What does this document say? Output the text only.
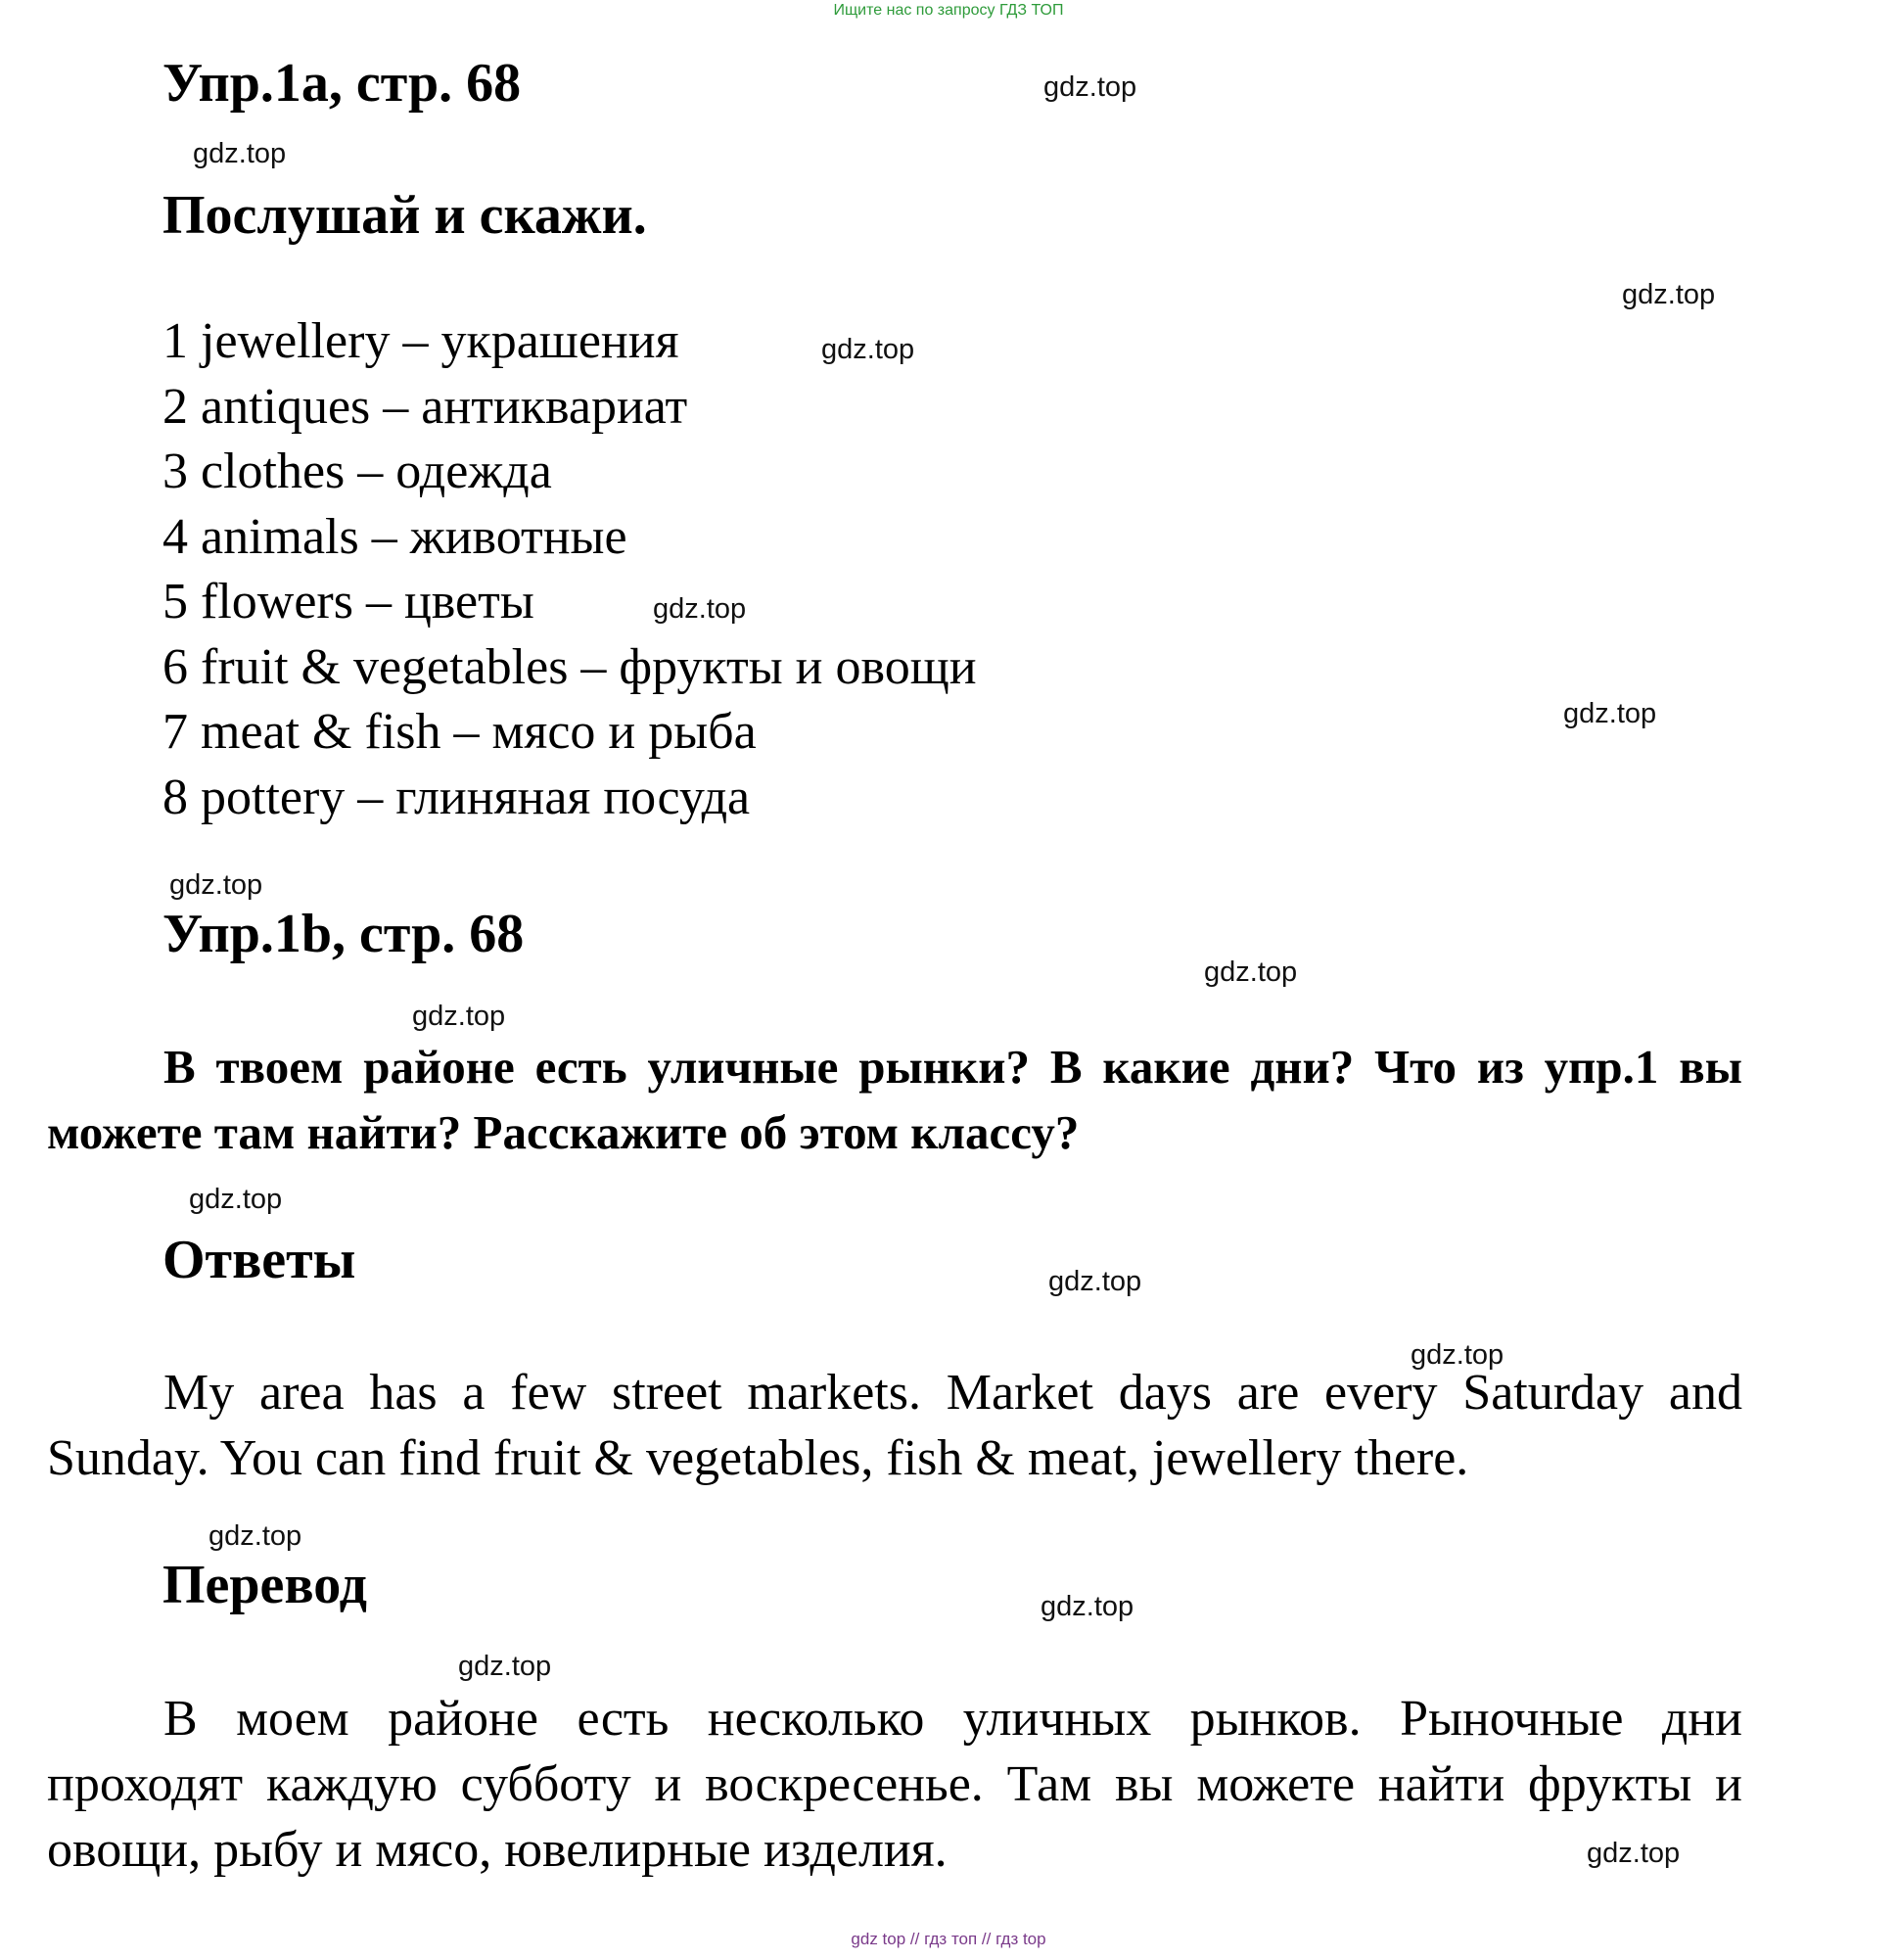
Ищите нас по запросу ГДЗ ТОП
Упр.1a, стр. 68
Послушай и скажи.
1 jewellery – украшения
2 antiques – антиквариат
3 clothes – одежда
4 animals – животные
5 flowers – цветы
6 fruit & vegetables – фрукты и овощи
7 meat & fish – мясо и рыба
8 pottery – глиняная посуда
Упр.1b, стр. 68
В твоем районе есть уличные рынки? В какие дни? Что из упр.1 вы можете там найти? Расскажите об этом классу?
Ответы
My area has a few street markets. Market days are every Saturday and Sunday. You can find fruit & vegetables, fish & meat, jewellery there.
Перевод
В моем районе есть несколько уличных рынков. Рыночные дни проходят каждую субботу и воскресенье. Там вы можете найти фрукты и овощи, рыбу и мясо, ювелирные изделия.
gdz.top
gdz.top
gdz.top
gdz.top
gdz.top
gdz.top
gdz.top
gdz.top
gdz.top
gdz.top
gdz.top
gdz.top
gdz.top
gdz.top
gdz.top
gdz.top
gdz top // гдз топ // гдз top
